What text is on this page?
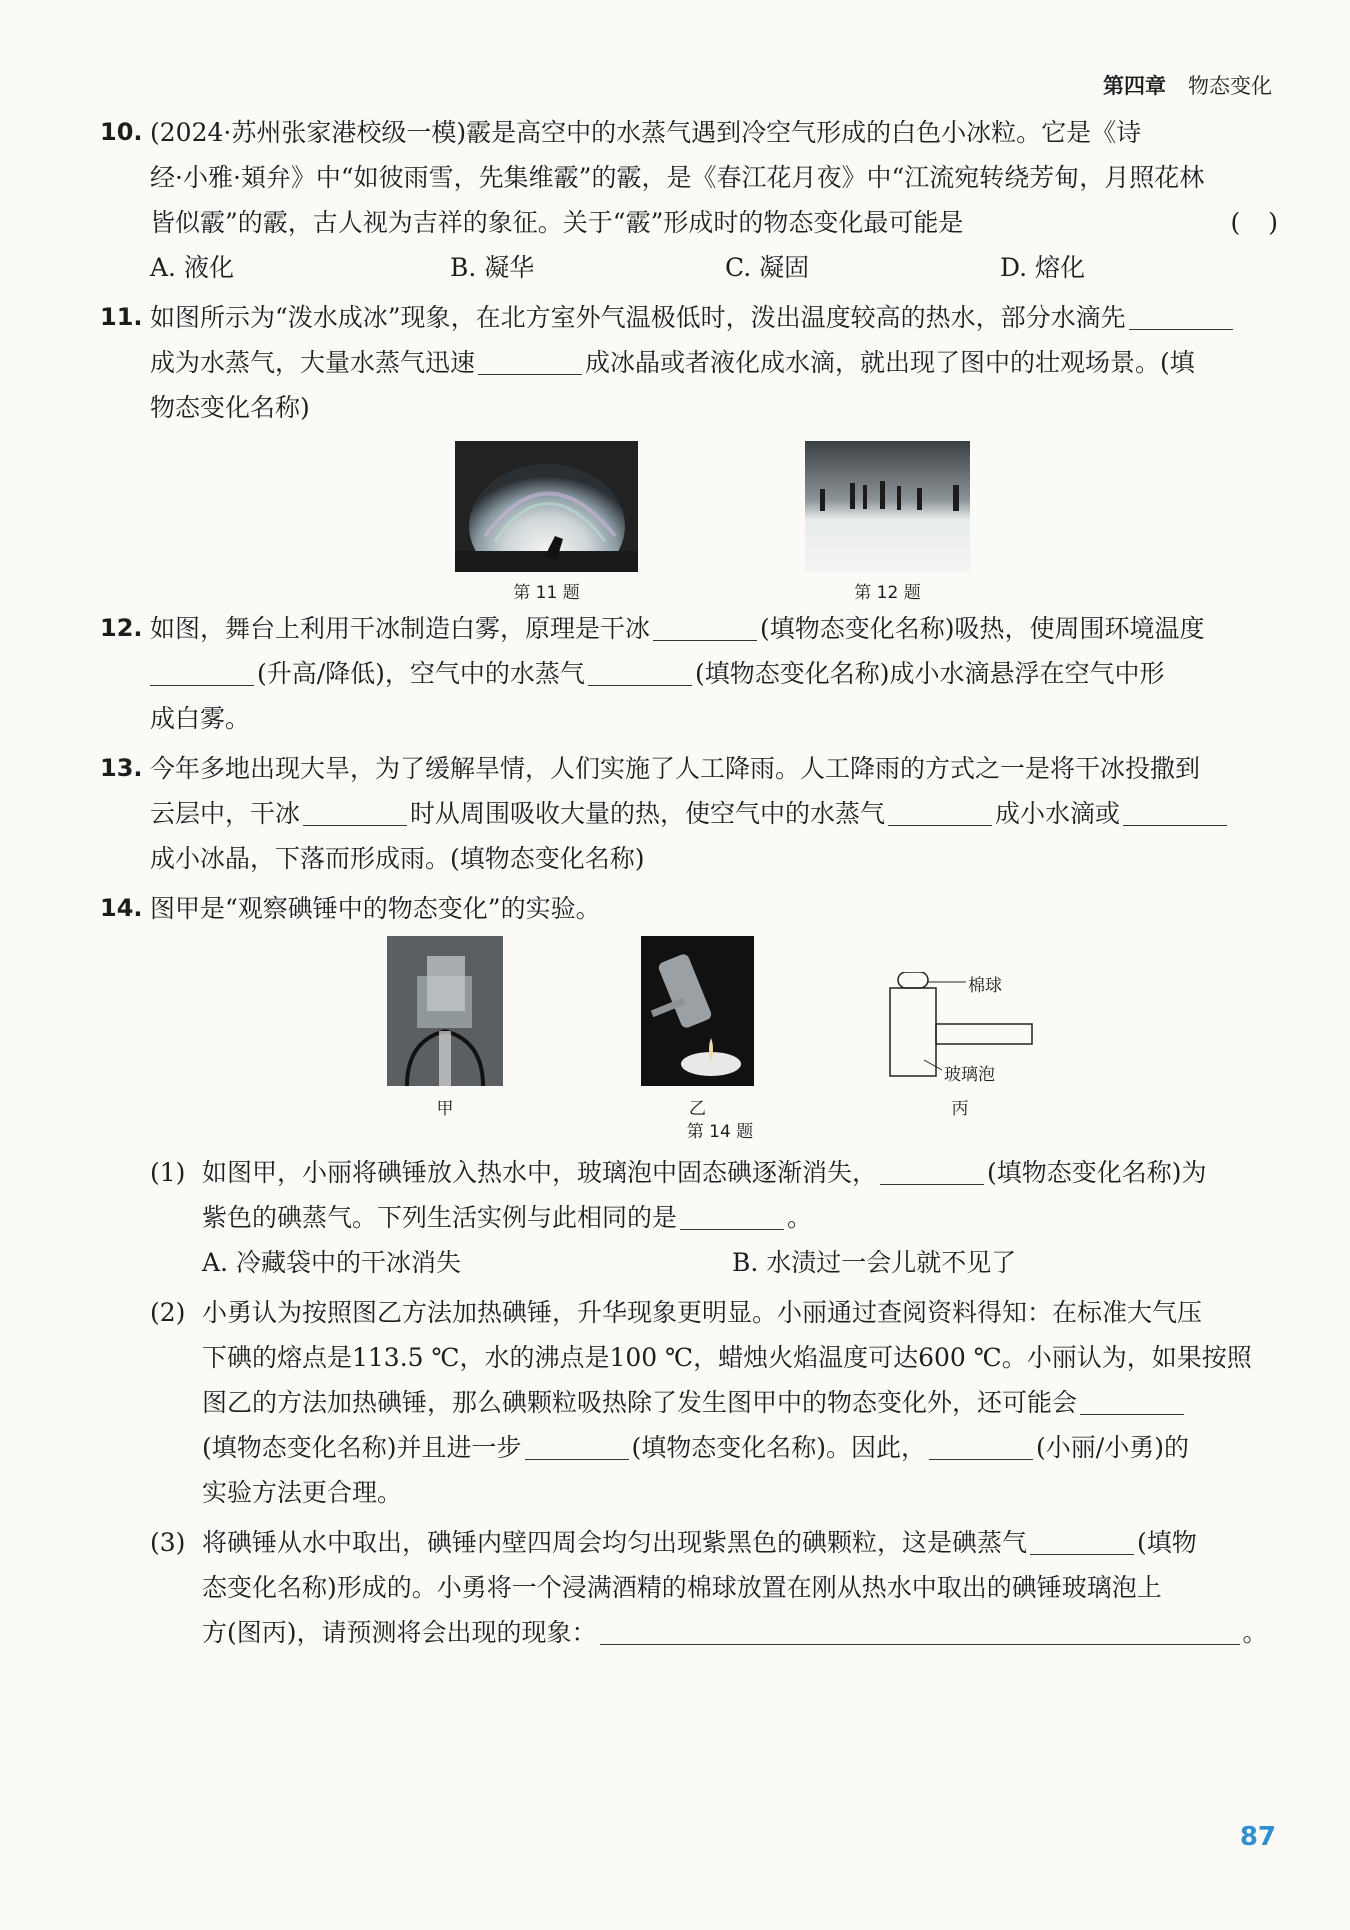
第四章 物态变化
10. (2024·苏州张家港校级一模)霰是高空中的水蒸气遇到冷空气形成的白色小冰粒。它是《诗
经·小雅·頍弁》中“如彼雨雪，先集维霰”的霰，是《春江花月夜》中“江流宛转绕芳甸，月照花林
皆似霰”的霰，古人视为吉祥的象征。关于“霰”形成时的物态变化最可能是	()
A. 液化	B. 凝华	C. 凝固	D. 熔化
11. 如图所示为“泼水成冰”现象，在北方室外气温极低时，泼出温度较高的热水，部分水滴先
成为水蒸气，大量水蒸气迅速	成冰晶或者液化成水滴，就出现了图中的壮观场景。(填
物态变化名称)
第 11 题	第 12 题
12. 如图，舞台上利用干冰制造白雾，原理是干冰	(填物态变化名称)吸热，使周围环境温度
(升高/降低)，空气中的水蒸气	(填物态变化名称)成小水滴悬浮在空气中形
成白雾。
13. 今年多地出现大旱，为了缓解旱情，人们实施了人工降雨。人工降雨的方式之一是将干冰投撒到
云层中，干冰	时从周围吸收大量的热，使空气中的水蒸气	成小水滴或
成小冰晶，下落而形成雨。(填物态变化名称)
14. 图甲是“观察碘锤中的物态变化”的实验。
甲	乙
棉球
玻璃泡
丙
第 14 题
(1) 如图甲，小丽将碘锤放入热水中，玻璃泡中固态碘逐渐消失，	(填物态变化名称)为
紫色的碘蒸气。下列生活实例与此相同的是	。
A. 冷藏袋中的干冰消失	B. 水渍过一会儿就不见了
(2) 小勇认为按照图乙方法加热碘锤，升华现象更明显。小丽通过查阅资料得知：在标准大气压
下碘的熔点是113.5 ℃，水的沸点是100 ℃，蜡烛火焰温度可达600 ℃。小丽认为，如果按照
图乙的方法加热碘锤，那么碘颗粒吸热除了发生图甲中的物态变化外，还可能会
(填物态变化名称)并且进一步	(填物态变化名称)。因此，	(小丽/小勇)的
实验方法更合理。
(3) 将碘锤从水中取出，碘锤内壁四周会均匀出现紫黑色的碘颗粒，这是碘蒸气	(填物
态变化名称)形成的。小勇将一个浸满酒精的棉球放置在刚从热水中取出的碘锤玻璃泡上
方(图丙)，请预测将会出现的现象：	。
87
